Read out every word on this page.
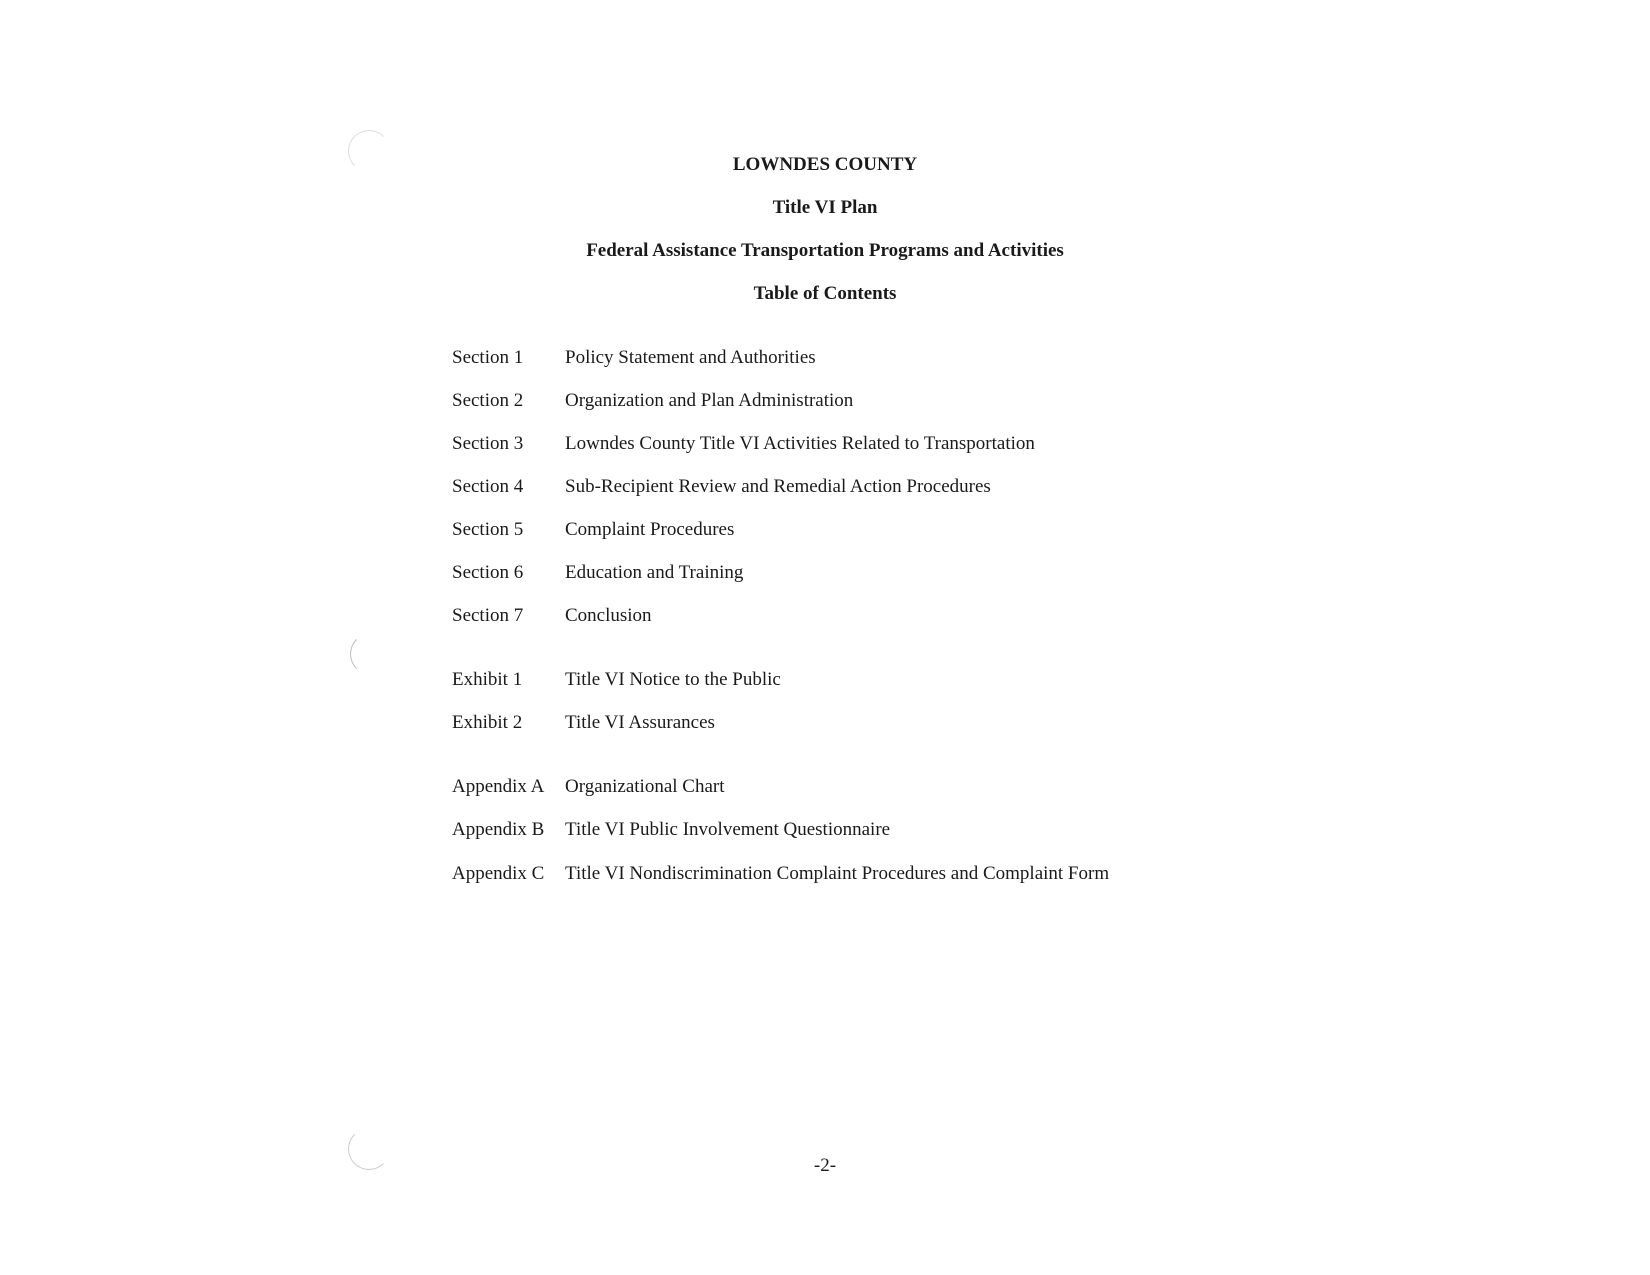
LOWNDES COUNTY
Title VI Plan
Federal Assistance Transportation Programs and Activities
Table of Contents
Section 1 Policy Statement and Authorities
Section 2 Organization and Plan Administration
Section 3 Lowndes County Title VI Activities Related to Transportation
Section 4 Sub-Recipient Review and Remedial Action Procedures
Section 5 Complaint Procedures
Section 6 Education and Training
Section 7 Conclusion
Exhibit 1 Title VI Notice to the Public
Exhibit 2 Title VI Assurances
Appendix A Organizational Chart
Appendix B Title VI Public Involvement Questionnaire
Appendix C Title VI Nondiscrimination Complaint Procedures and Complaint Form
-2-
